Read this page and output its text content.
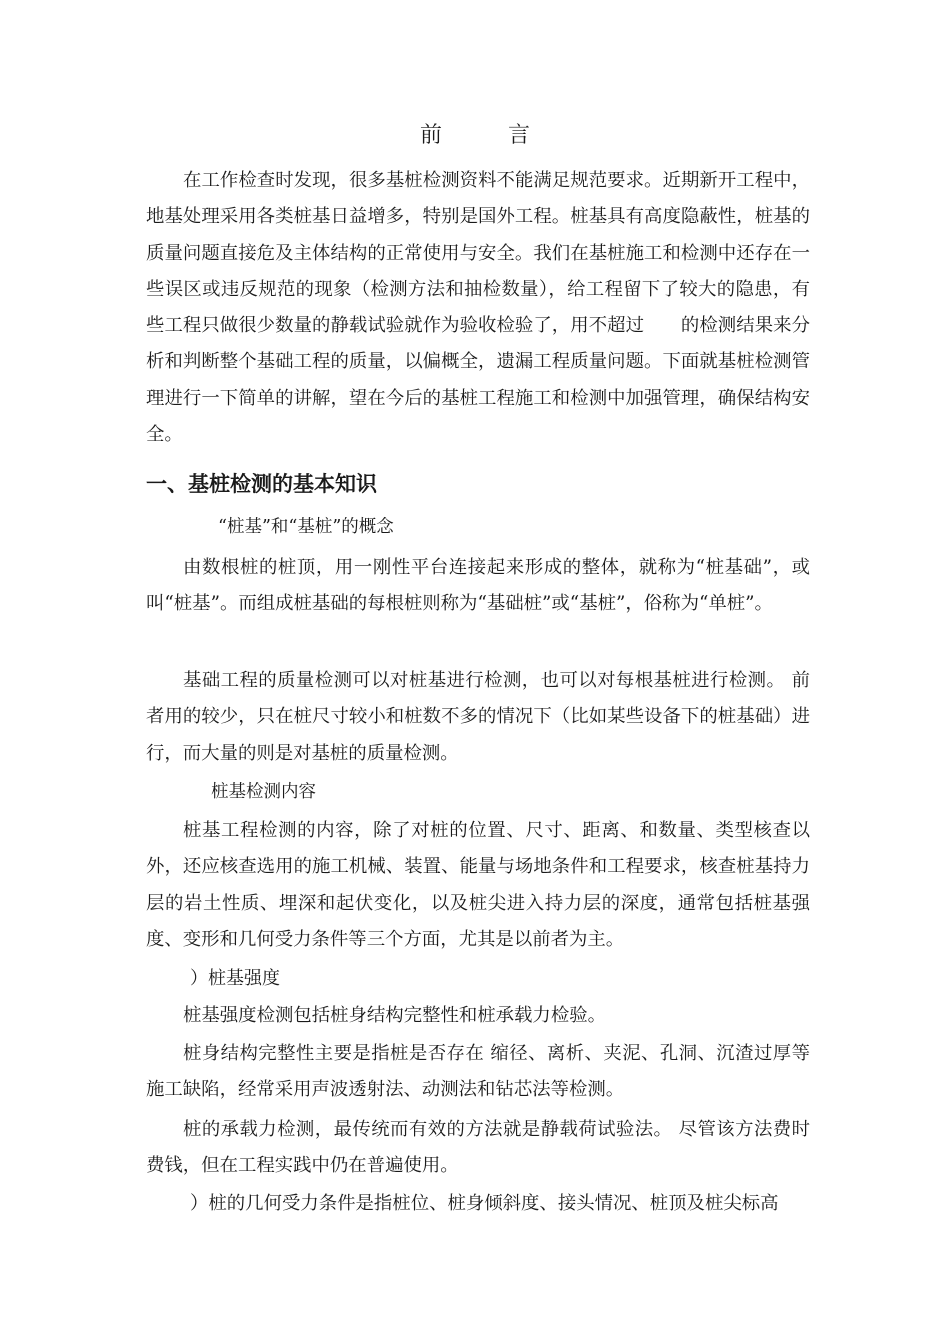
前	言

在工作检查时发现，很多基桩检测资料不能满足规范要求。近期新开工程中，地基处理采用各类桩基日益增多，特别是国外工程。桩基具有高度隐蔽性，桩基的质量问题直接危及主体结构的正常使用与安全。我们在基桩施工和检测中还存在一些误区或违反规范的现象（检测方法和抽检数量），给工程留下了较大的隐患，有些工程只做很少数量的静载试验就作为验收检验了，用不超过　　的检测结果来分析和判断整个基础工程的质量，以偏概全，遗漏工程质量问题。下面就基桩检测管理进行一下简单的讲解，望在今后的基桩工程施工和检测中加强管理，确保结构安全。

一、基桩检测的基本知识

“桩基”和“基桩”的概念

由数根桩的桩顶，用一刚性平台连接起来形成的整体，就称为“桩基础”，或叫“桩基”。而组成桩基础的每根桩则称为“基础桩”或“基桩”，俗称为“单桩”。

基础工程的质量检测可以对桩基进行检测，也可以对每根基桩进行检测。 前者用的较少，只在桩尺寸较小和桩数不多的情况下（比如某些设备下的桩基础）进行，而大量的则是对基桩的质量检测。

桩基检测内容

桩基工程检测的内容，除了对桩的位置、尺寸、距离、和数量、类型核查以外，还应核查选用的施工机械、装置、能量与场地条件和工程要求，核查桩基持力层的岩土性质、埋深和起伏变化，以及桩尖进入持力层的深度，通常包括桩基强度、变形和几何受力条件等三个方面，尤其是以前者为主。

）桩基强度

桩基强度检测包括桩身结构完整性和桩承载力检验。

桩身结构完整性主要是指桩是否存在 缩径、离析、夹泥、孔洞、沉渣过厚等施工缺陷，经常采用声波透射法、动测法和钻芯法等检测。

桩的承载力检测，最传统而有效的方法就是静载荷试验法。 尽管该方法费时费钱，但在工程实践中仍在普遍使用。

）桩的几何受力条件是指桩位、桩身倾斜度、接头情况、桩顶及桩尖标高
